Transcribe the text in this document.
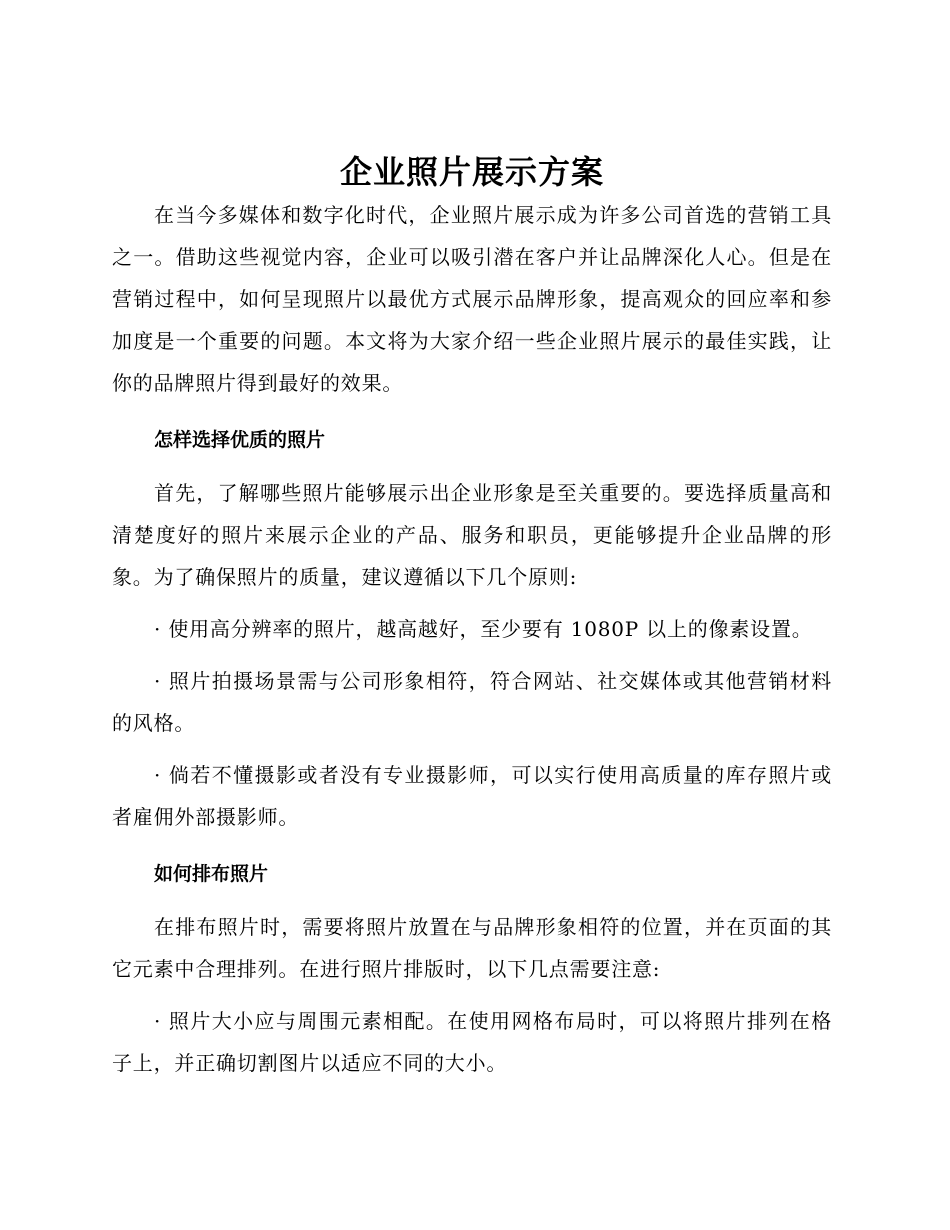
企业照片展示方案

在当今多媒体和数字化时代，企业照片展示成为许多公司首选的营销工具之一。借助这些视觉内容，企业可以吸引潜在客户并让品牌深化人心。但是在营销过程中，如何呈现照片以最优方式展示品牌形象，提高观众的回应率和参加度是一个重要的问题。本文将为大家介绍一些企业照片展示的最佳实践，让你的品牌照片得到最好的效果。

怎样选择优质的照片

首先，了解哪些照片能够展示出企业形象是至关重要的。要选择质量高和清楚度好的照片来展示企业的产品、服务和职员，更能够提升企业品牌的形象。为了确保照片的质量，建议遵循以下几个原则:

· 使用高分辨率的照片，越高越好，至少要有 1080P 以上的像素设置。

· 照片拍摄场景需与公司形象相符，符合网站、社交媒体或其他营销材料的风格。

· 倘若不懂摄影或者没有专业摄影师，可以实行使用高质量的库存照片或者雇佣外部摄影师。

如何排布照片

在排布照片时，需要将照片放置在与品牌形象相符的位置，并在页面的其它元素中合理排列。在进行照片排版时，以下几点需要注意:

· 照片大小应与周围元素相配。在使用网格布局时，可以将照片排列在格子上，并正确切割图片以适应不同的大小。
